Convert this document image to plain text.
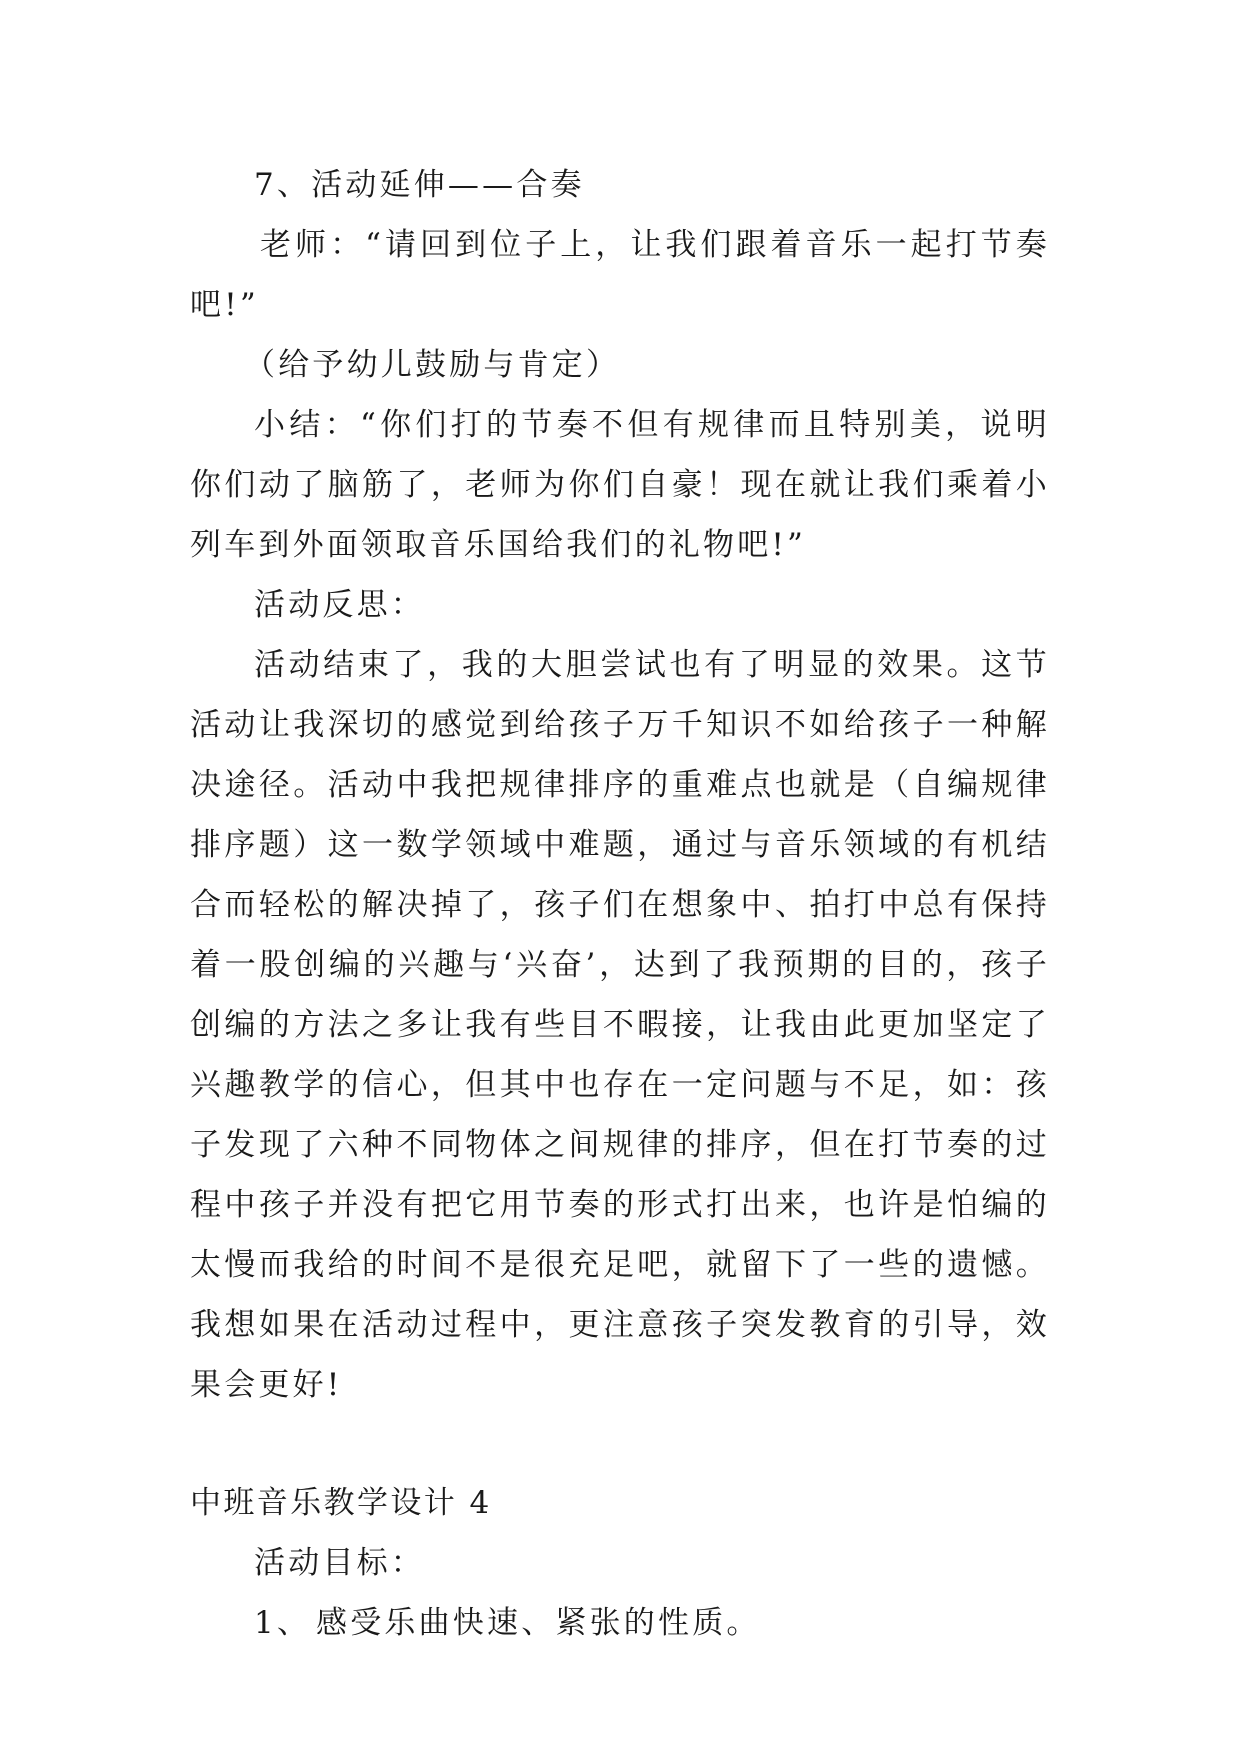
7、活动延伸——合奏

老师：“请回到位子上，让我们跟着音乐一起打节奏吧!”

（给予幼儿鼓励与肯定）

小结：“你们打的节奏不但有规律而且特别美，说明你们动了脑筋了，老师为你们自豪！现在就让我们乘着小列车到外面领取音乐国给我们的礼物吧!”

活动反思：

活动结束了，我的大胆尝试也有了明显的效果。这节活动让我深切的感觉到给孩子万千知识不如给孩子一种解决途径。活动中我把规律排序的重难点也就是（自编规律排序题）这一数学领域中难题，通过与音乐领域的有机结合而轻松的解决掉了，孩子们在想象中、拍打中总有保持着一股创编的兴趣与‘兴奋’，达到了我预期的目的，孩子创编的方法之多让我有些目不暇接，让我由此更加坚定了兴趣教学的信心，但其中也存在一定问题与不足，如：孩子发现了六种不同物体之间规律的排序，但在打节奏的过程中孩子并没有把它用节奏的形式打出来，也许是怕编的太慢而我给的时间不是很充足吧，就留下了一些的遗憾。我想如果在活动过程中，更注意孩子突发教育的引导，效果会更好!

中班音乐教学设计 4

活动目标：

1、 感受乐曲快速、紧张的性质。
